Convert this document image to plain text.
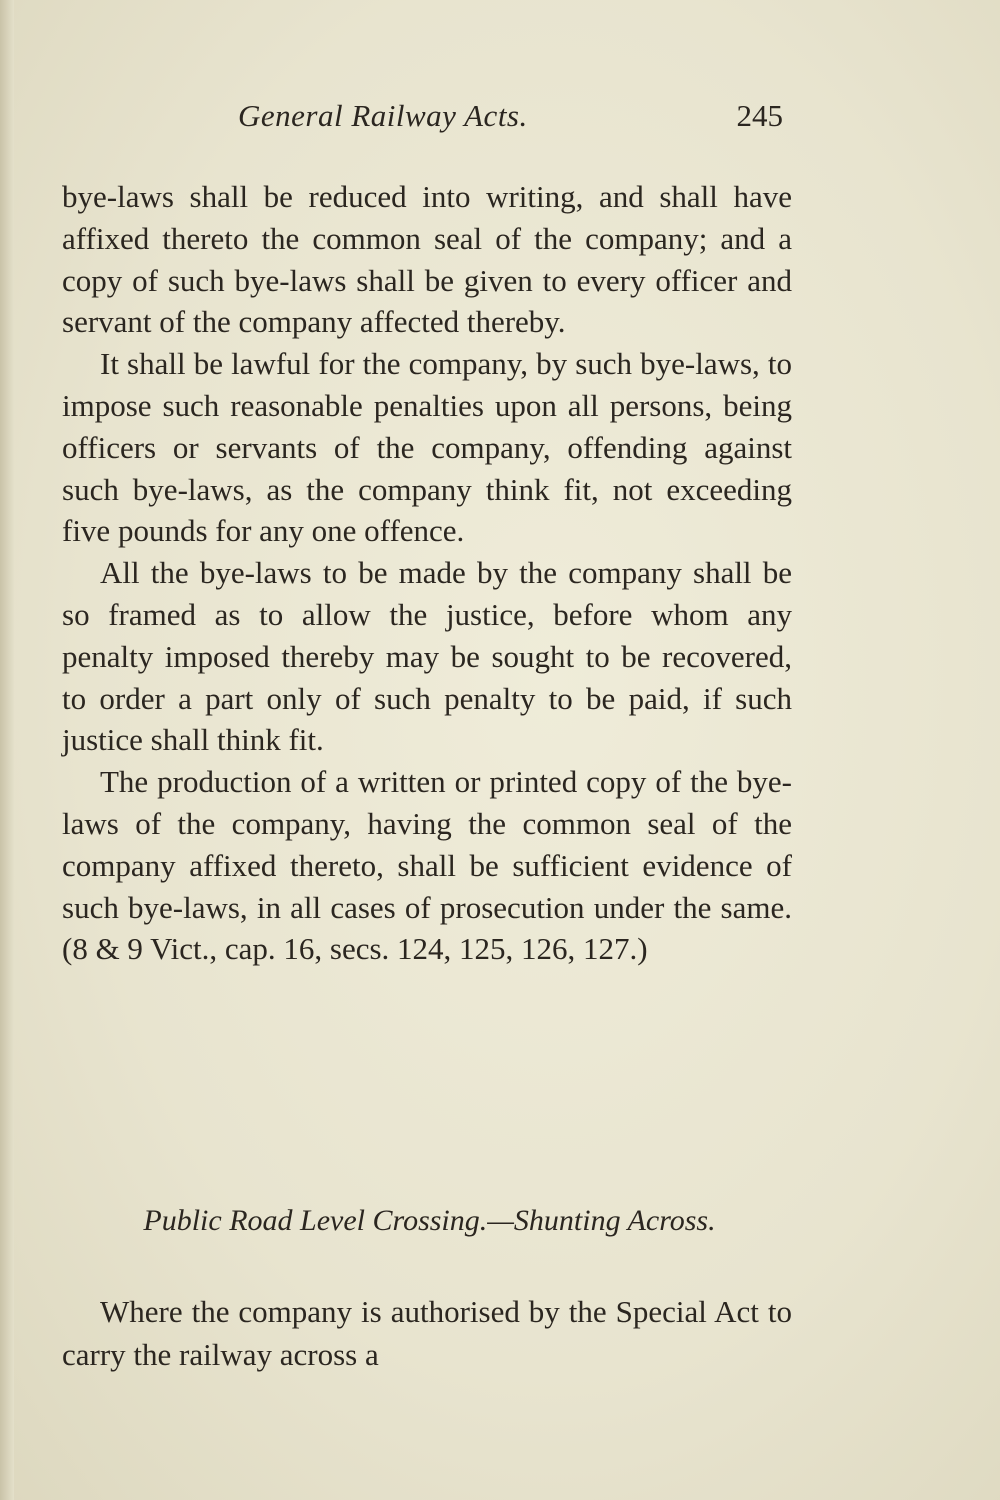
General Railway Acts.	245

bye-laws shall be reduced into writing, and shall have affixed thereto the common seal of the company; and a copy of such bye-laws shall be given to every officer and servant of the company affected thereby.

It shall be lawful for the company, by such bye-laws, to impose such reasonable penalties upon all persons, being officers or servants of the company, offending against such bye-laws, as the company think fit, not exceeding five pounds for any one offence.

All the bye-laws to be made by the company shall be so framed as to allow the justice, before whom any penalty imposed thereby may be sought to be recovered, to order a part only of such penalty to be paid, if such justice shall think fit.

The production of a written or printed copy of the bye-laws of the company, having the common seal of the company affixed thereto, shall be sufficient evidence of such bye-laws, in all cases of prosecution under the same. (8 & 9 Vict., cap. 16, secs. 124, 125, 126, 127.)

Public Road Level Crossing.—Shunting Across.

Where the company is authorised by the Special Act to carry the railway across a
